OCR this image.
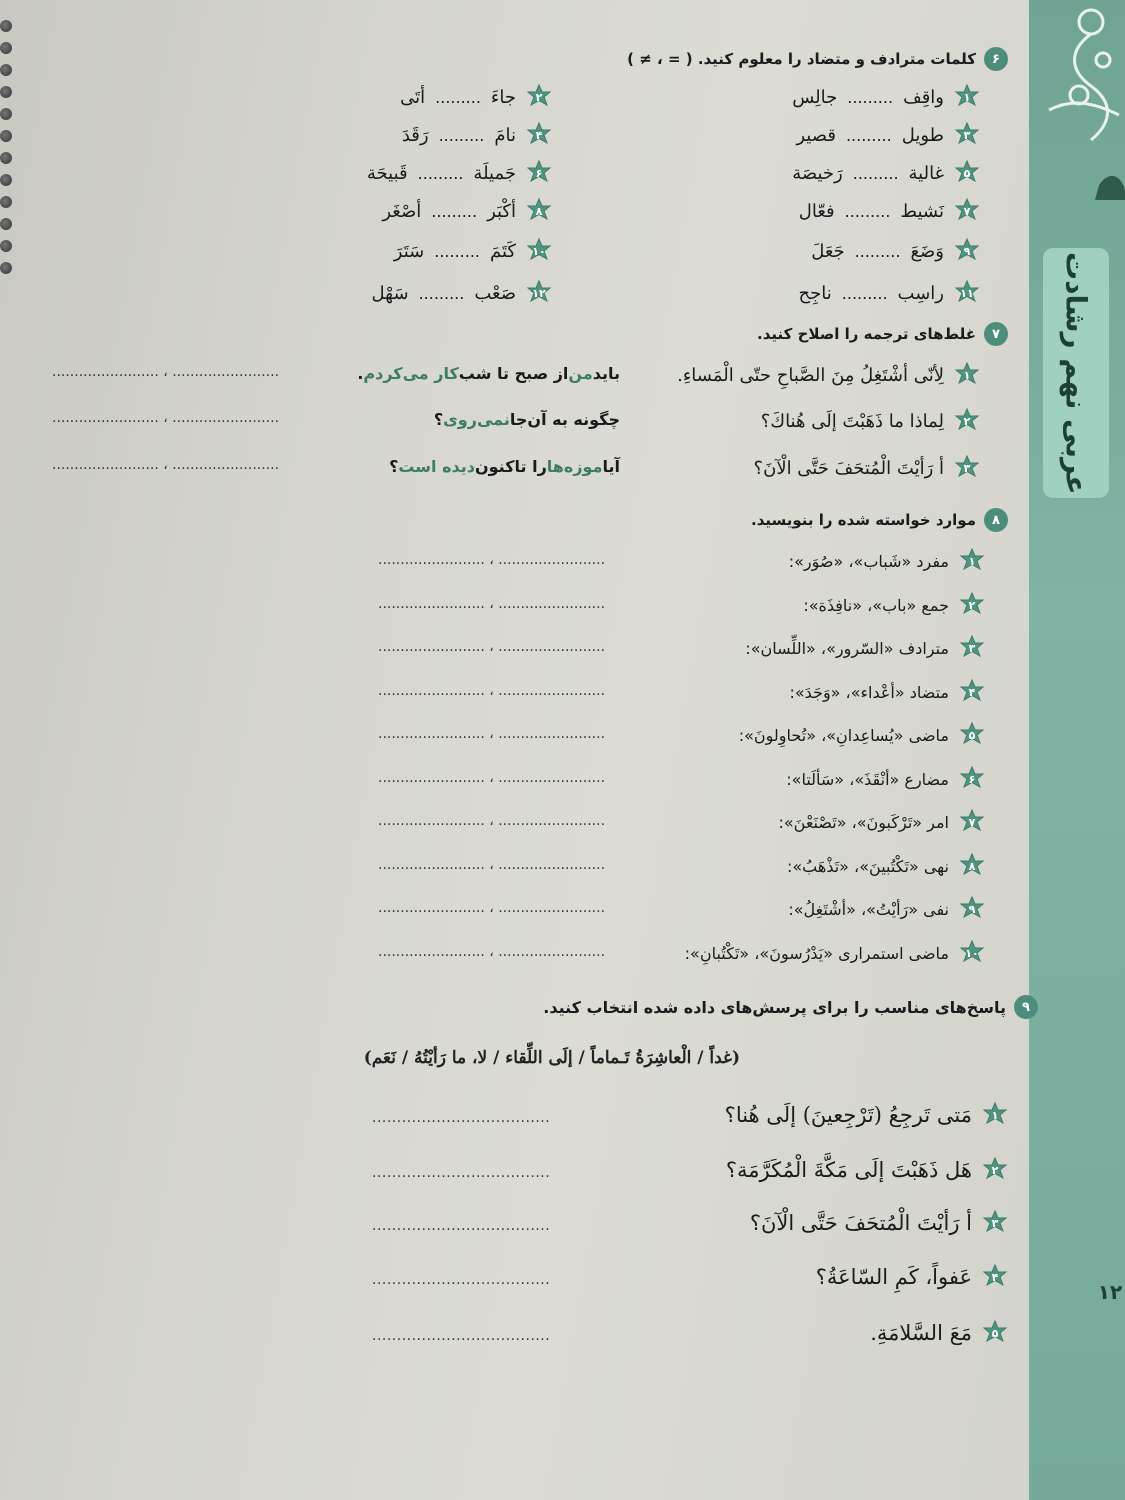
عربی نهم رشادت
۱۲
۶
کلمات مترادف و متضاد را معلوم کنید. ( = ، ≠ )
۷
غلط‌های ترجمه را اصلاح کنید.
۸
موارد خواسته شده را بنویسید.
۹
پاسخ‌های مناسب را برای پرسش‌های داده شده انتخاب کنید.
(غداً / الْعاشِرَةُ تَـماماً / إلَى اللِّقاء / لا، ما رَأيْتُهُ / نَعَم)
۱
واقِف
.........
جالِس
۳
طویل
.........
قصیر
۵
غالیة
.........
رَخیصَة
۷
نَشیط
.........
فعّال
۹
وَضَعَ
.........
جَعَلَ
۱۱
راسِب
.........
ناجِح
۲
جاءَ
.........
أتَى
۴
نامَ
.........
رَقَدَ
۶
جَميلَة
.........
قَبيحَة
۸
أكْبَر
.........
أصْغَر
۱۰
كَتَمَ
.........
سَتَرَ
۱۲
صَعْب
.........
سَهْل
۱
لِأنّی أشْتَغِلُ مِنَ الصَّباحِ حتّی الْمَساءِ.
باید
من
از صبح تا شب
کار می‌کردم
.
........................ ، ........................
۲
لِماذا ما ذَهَبْتَ إلَى هُناكَ؟
چگونه به آن‌جا
نمی‌روی
؟
........................ ، ........................
۳
أ رَأيْتَ الْمُتحَفَ حَتَّى الْآنَ؟
آیا
موزه‌ها
را تاکنون
دیده است
؟
........................ ، ........................
۱
مفرد «شَباب»، «صُوَر»:
........................ ، ........................
۲
جمع «باب»، «نافِذَة»:
........................ ، ........................
۳
مترادف «السّرور»، «اللِّسان»:
........................ ، ........................
۴
متضاد «أعْداء»، «وَجَدَ»:
........................ ، ........................
۵
ماضی «يُساعِدانِ»، «تُحاوِلونَ»:
........................ ، ........................
۶
مضارع «أنْقَذَ»، «سَألَتا»:
........................ ، ........................
۷
امر «تَرْكَبونَ»، «تَصْنَعْنَ»:
........................ ، ........................
۸
نهی «تَكْتُبينَ»، «تَذْهَبُ»:
........................ ، ........................
۹
نفی «رَأيْتُ»، «أشْتَغِلُ»:
........................ ، ........................
۱۰
ماضی استمراری «يَدْرُسونَ»، «تَكْتُبانِ»:
........................ ، ........................
۱
مَتى تَرجِعُ (تَرْجِعينَ) إلَى هُنا؟
....................................
۲
هَل ذَهَبْتَ إلَى مَكَّةَ الْمُكَرَّمَة؟
....................................
۳
أ رَأيْتَ الْمُتحَفَ حَتَّى الْآنَ؟
....................................
۴
عَفواً، كَمِ السّاعَةُ؟
....................................
۵
مَعَ السَّلامَةِ.
....................................
